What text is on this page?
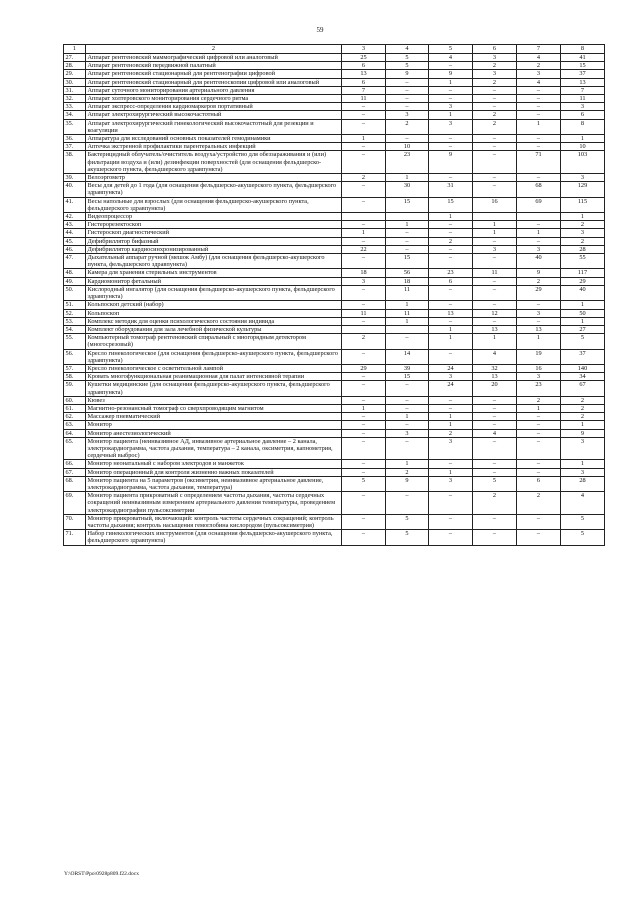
59
1	2	3	4	5	6	7	8
27.	Аппарат рентгеновский маммографический цифровой или аналоговый	25	5	4	3	4	41
28.	Аппарат рентгеновский передвижной палатный	6	5	–	2	2	15
29.	Аппарат рентгеновский стационарный для рентгенографии цифровой	13	9	9	3	3	37
30.	Аппарат рентгеновский стационарный для рентгеноскопии цифровой или аналоговый	6	–	1	2	4	13
31.	Аппарат суточного мониторирования артериального давления	7	–	–	–	–	7
32.	Аппарат холтеровского мониторирования сердечного ритма	11	–	–	–	–	11
33.	Аппарат экспресс-определения кардиомаркеров портативный	–	–	3	–	–	3
34.	Аппарат электрохирургический высокочастотный	–	3	1	2	–	6
35.	Аппарат электрохирургический гинекологический высокочастотный для резекции и коагуляции	–	2	3	2	1	8
36.	Аппаратура для исследований основных показателей гемодинамики	1	–	–	–	–	1
37.	Аптечка экстренной профилактики парентеральных инфекций	–	10	–	–	–	10
38.	Бактерицидный облучатель/очиститель воздуха/устройство для обеззараживания и (или) фильтрации воздуха и (или) дезинфекции поверхностей (для оснащения фельдшерско-акушерского пункта, фельдшерского здравпункта)	–	23	9	–	71	103
39.	Велоэргометр	2	1	–	–	–	3
40.	Весы для детей до 1 года (для оснащения фельдшерско-акушерского пункта, фельдшерского здравпункта)	–	30	31	–	68	129
41.	Весы напольные для взрослых (для оснащения фельдшерско-акушерского пункта, фельдшерского здравпункта)	–	15	15	16	69	115
42.	Видеопроцессор			1			1
43.	Гистерорезектоскоп	–	1	–	1	–	2
44.	Гистероскоп диагностический	1	–	–	1	1	3
45.	Дефибриллятор бифазный	–	–	2	–	–	2
46.	Дефибриллятор кардиосинхронизированный	22	–	–	3	3	28
47.	Дыхательный аппарат ручной (мешок Амбу) (для оснащения фельдшерско-акушерского пункта, фельдшерского здравпункта)	–	15	–	–	40	55
48.	Камера для хранения стерильных инструментов	18	56	23	11	9	117
49.	Кардиомонитор фетальный	3	18	6	–	2	29
50.	Кислородный ингалятор (для оснащения фельдшерско-акушерского пункта, фельдшерского здравпункта)	–	11	–	–	29	40
51.	Кольпоскоп детский (набор)	–	1	–	–	–	1
52.	Кольпоскоп	11	11	13	12	3	50
53.	Комплекс методик для оценки психологического состояния индивида	–	1	–	–	–	1
54.	Комплект оборудования для зала лечебной физической культуры			1	13	13	27
55.	Компьютерный томограф рентгеновский спиральный с многорядным детектором (многосрезовый)	2	–	1	1	1	5
56.	Кресло гинекологическое (для оснащения фельдшерско-акушерского пункта, фельдшерского здравпункта)	–	14	–	4	19	37
57.	Кресло гинекологическое с осветительной лампой	29	39	24	32	16	140
58.	Кровать многофункциональная реанимационная для палат интенсивной терапии	–	15	3	13	3	34
59.	Кушетки медицинские (для оснащения фельдшерско-акушерского пункта, фельдшерского здравпункта)	–	–	24	20	23	67
60.	Кювез	–	–	–	–	2	2
61.	Магнитно-резонансный томограф со сверхпроводящим магнитом	1	–	–	–	1	2
62.	Массажер пневматический	–	1	1	–	–	2
63.	Монитор	–	–	1	–	–	1
64.	Монитор анестезиологический	–	3	2	4	–	9
65.	Монитор пациента (неинвазивное АД, инвазивное артериальное давление – 2 канала, электрокардиограмма, частота дыхания, температура – 2 канала, оксиметрия, капнометрия, сердечный выброс)	–	–	3	–	–	3
66.	Монитор неонатальный с набором электродов и манжеток	–	1	–	–	–	1
67.	Монитор операционный для контроля жизненно важных показателей	–	2	1	–	–	3
68.	Монитор пациента на 5 параметров (оксиметрия, неинвазивное артериальное давление, электрокардиограмма, частота дыхания, температура)	5	9	3	5	6	28
69.	Монитор пациента прикроватный с определением частоты дыхания, частоты сердечных сокращений неинвазивным измерением артериального давления температуры, проведением электрокардиографии пульсоксиметрии	–	–	–	2	2	4
70.	Монитор прикроватный, включающий: контроль частоты сердечных сокращений; контроль частоты дыхания; контроль насыщения гемоглобина кислородом (пульсоксиметрия)	–	5	–	–	–	5
71.	Набор гинекологических инструментов (для оснащения фельдшерско-акушерского пункта, фельдшерского здравпункта)	–	5	–	–	–	5
Y:\ORST\Ppo\0928p809.f22.docx
